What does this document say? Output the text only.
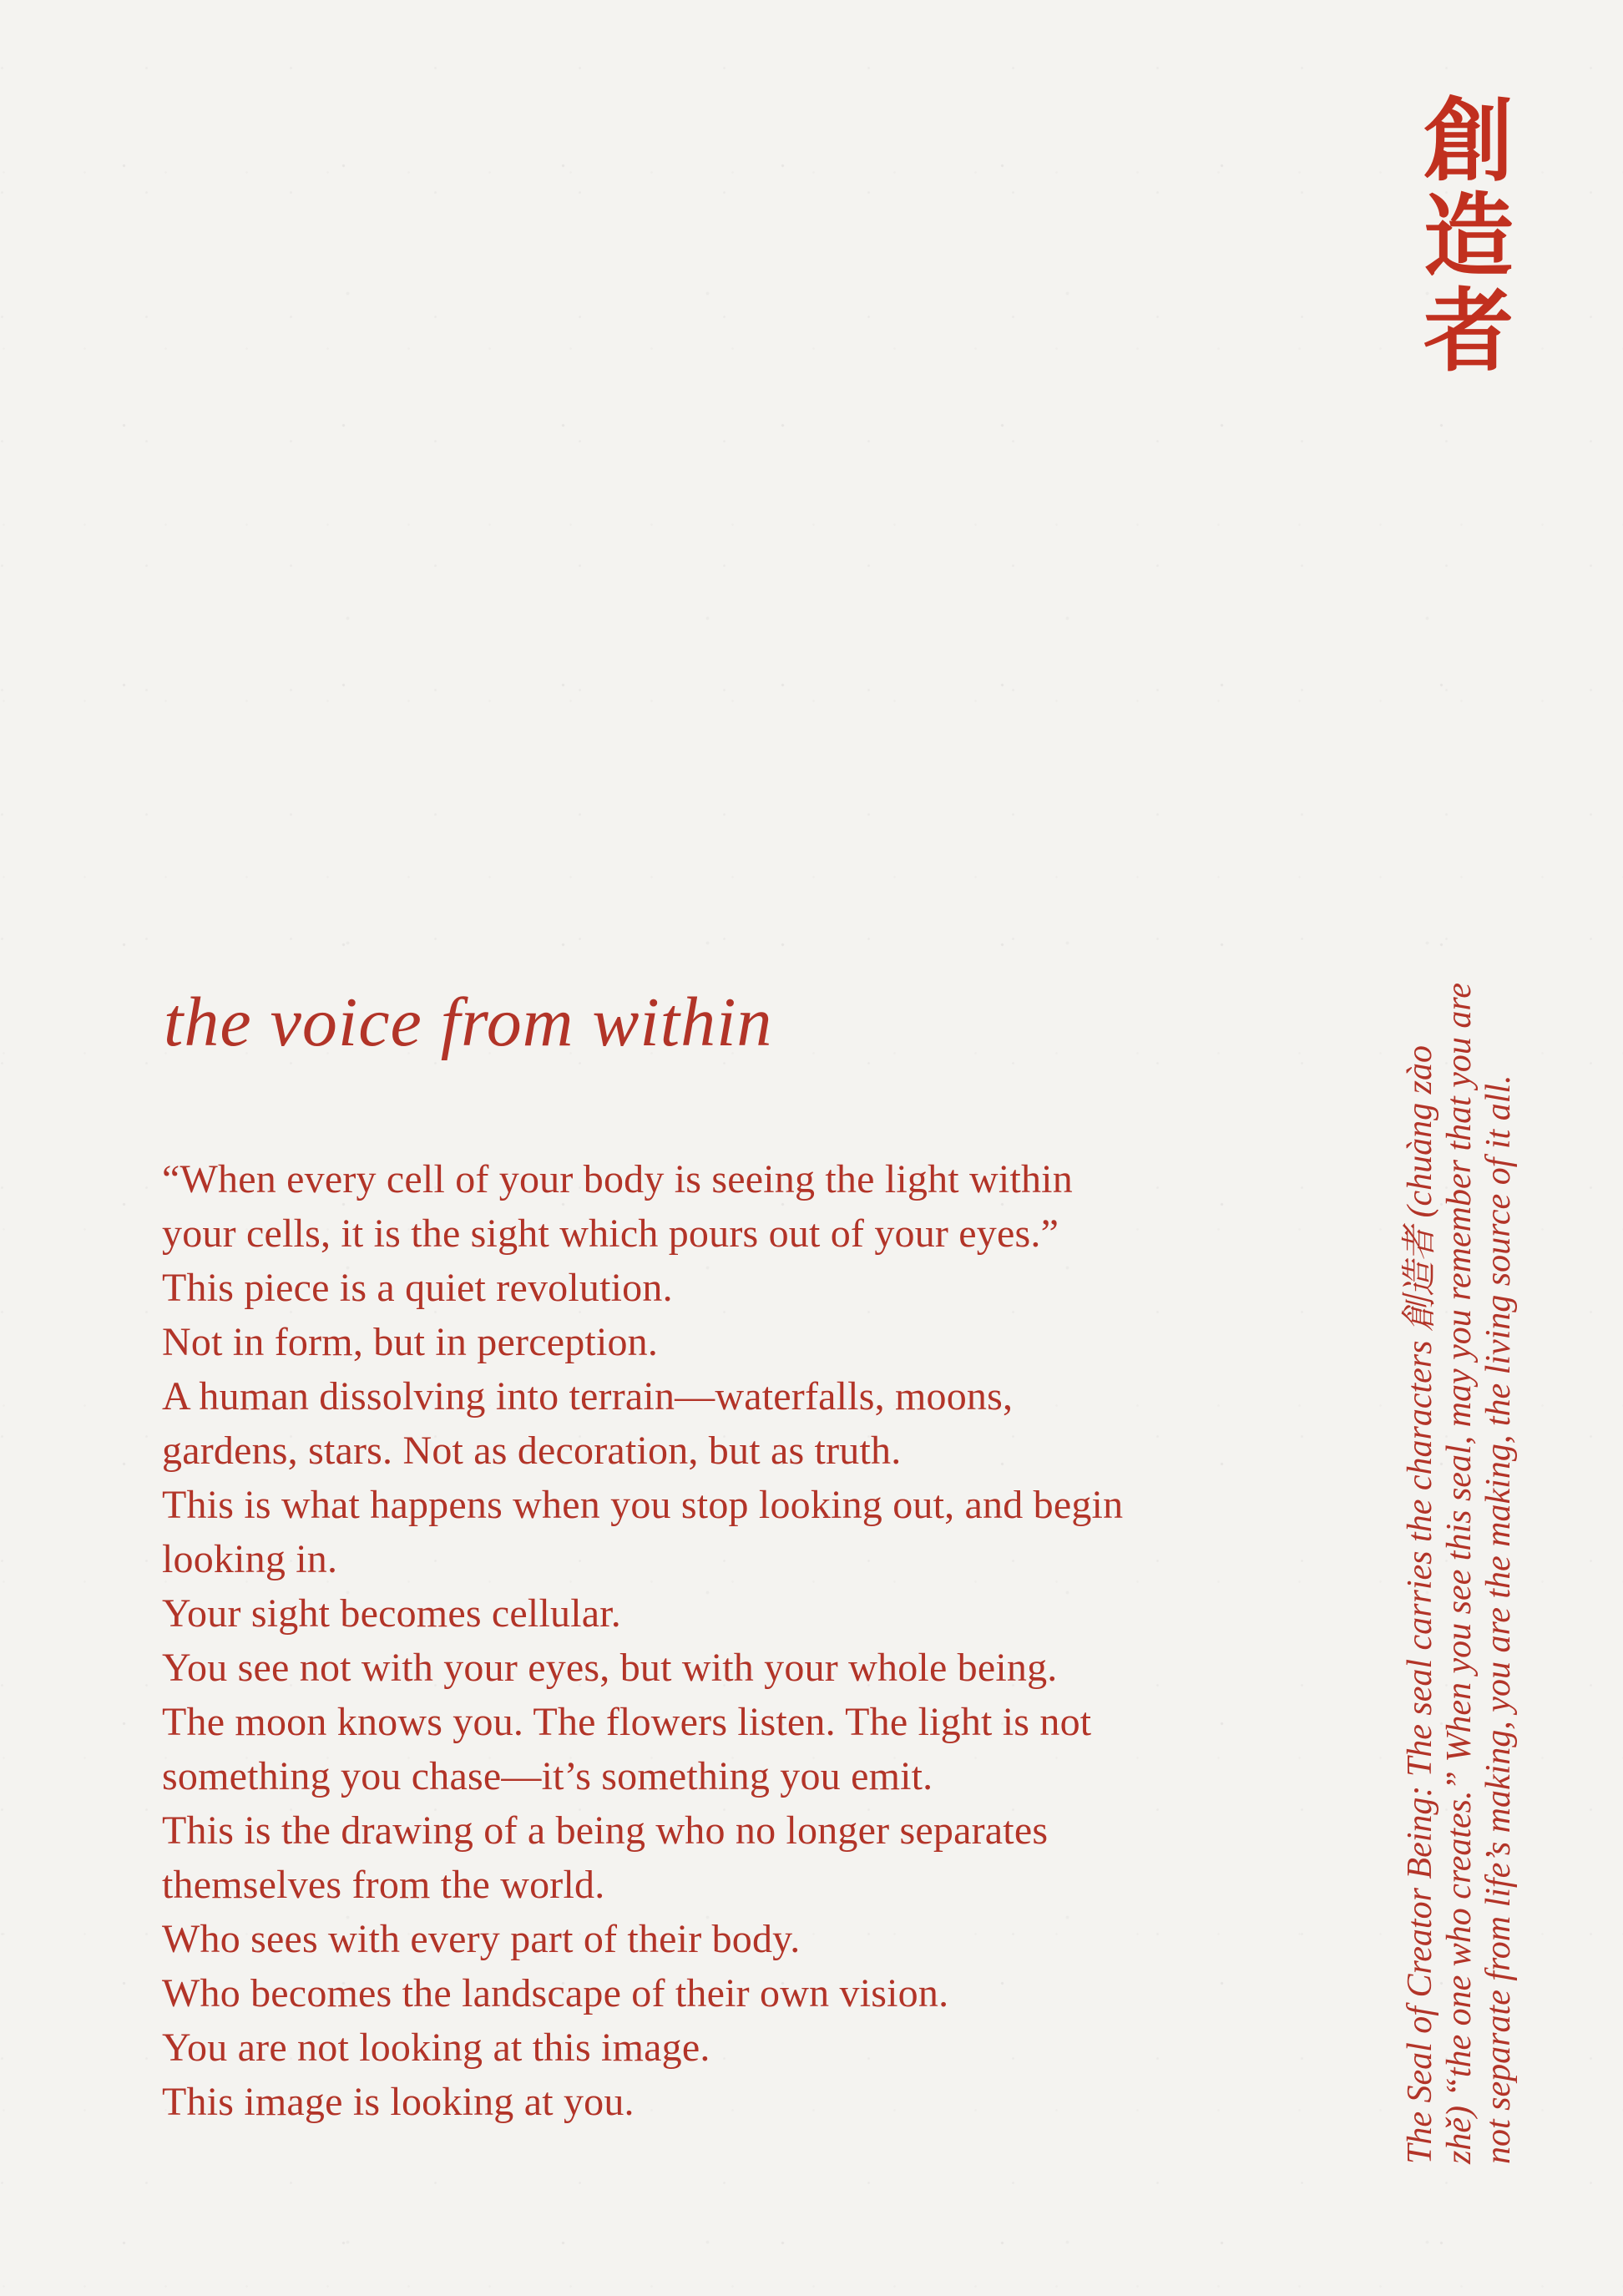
創
造
者
the voice from within
“When every cell of your body is seeing the light within
your cells, it is the sight which pours out of your eyes.”
This piece is a quiet revolution.
Not in form, but in perception.
A human dissolving into terrain—waterfalls, moons,
gardens, stars. Not as decoration, but as truth.
This is what happens when you stop looking out, and begin
looking in.
Your sight becomes cellular.
You see not with your eyes, but with your whole being.
The moon knows you. The flowers listen. The light is not
something you chase—it’s something you emit.
This is the drawing of a being who no longer separates
themselves from the world.
Who sees with every part of their body.
Who becomes the landscape of their own vision.
You are not looking at this image.
This image is looking at you.	The Seal of Creator Being: The seal carries the characters 創造者 (chuàng zào zhě) “the one who creates.” When you see this seal, may you remember that you are not separate from life’s making, you are the making, the living source of it all.
